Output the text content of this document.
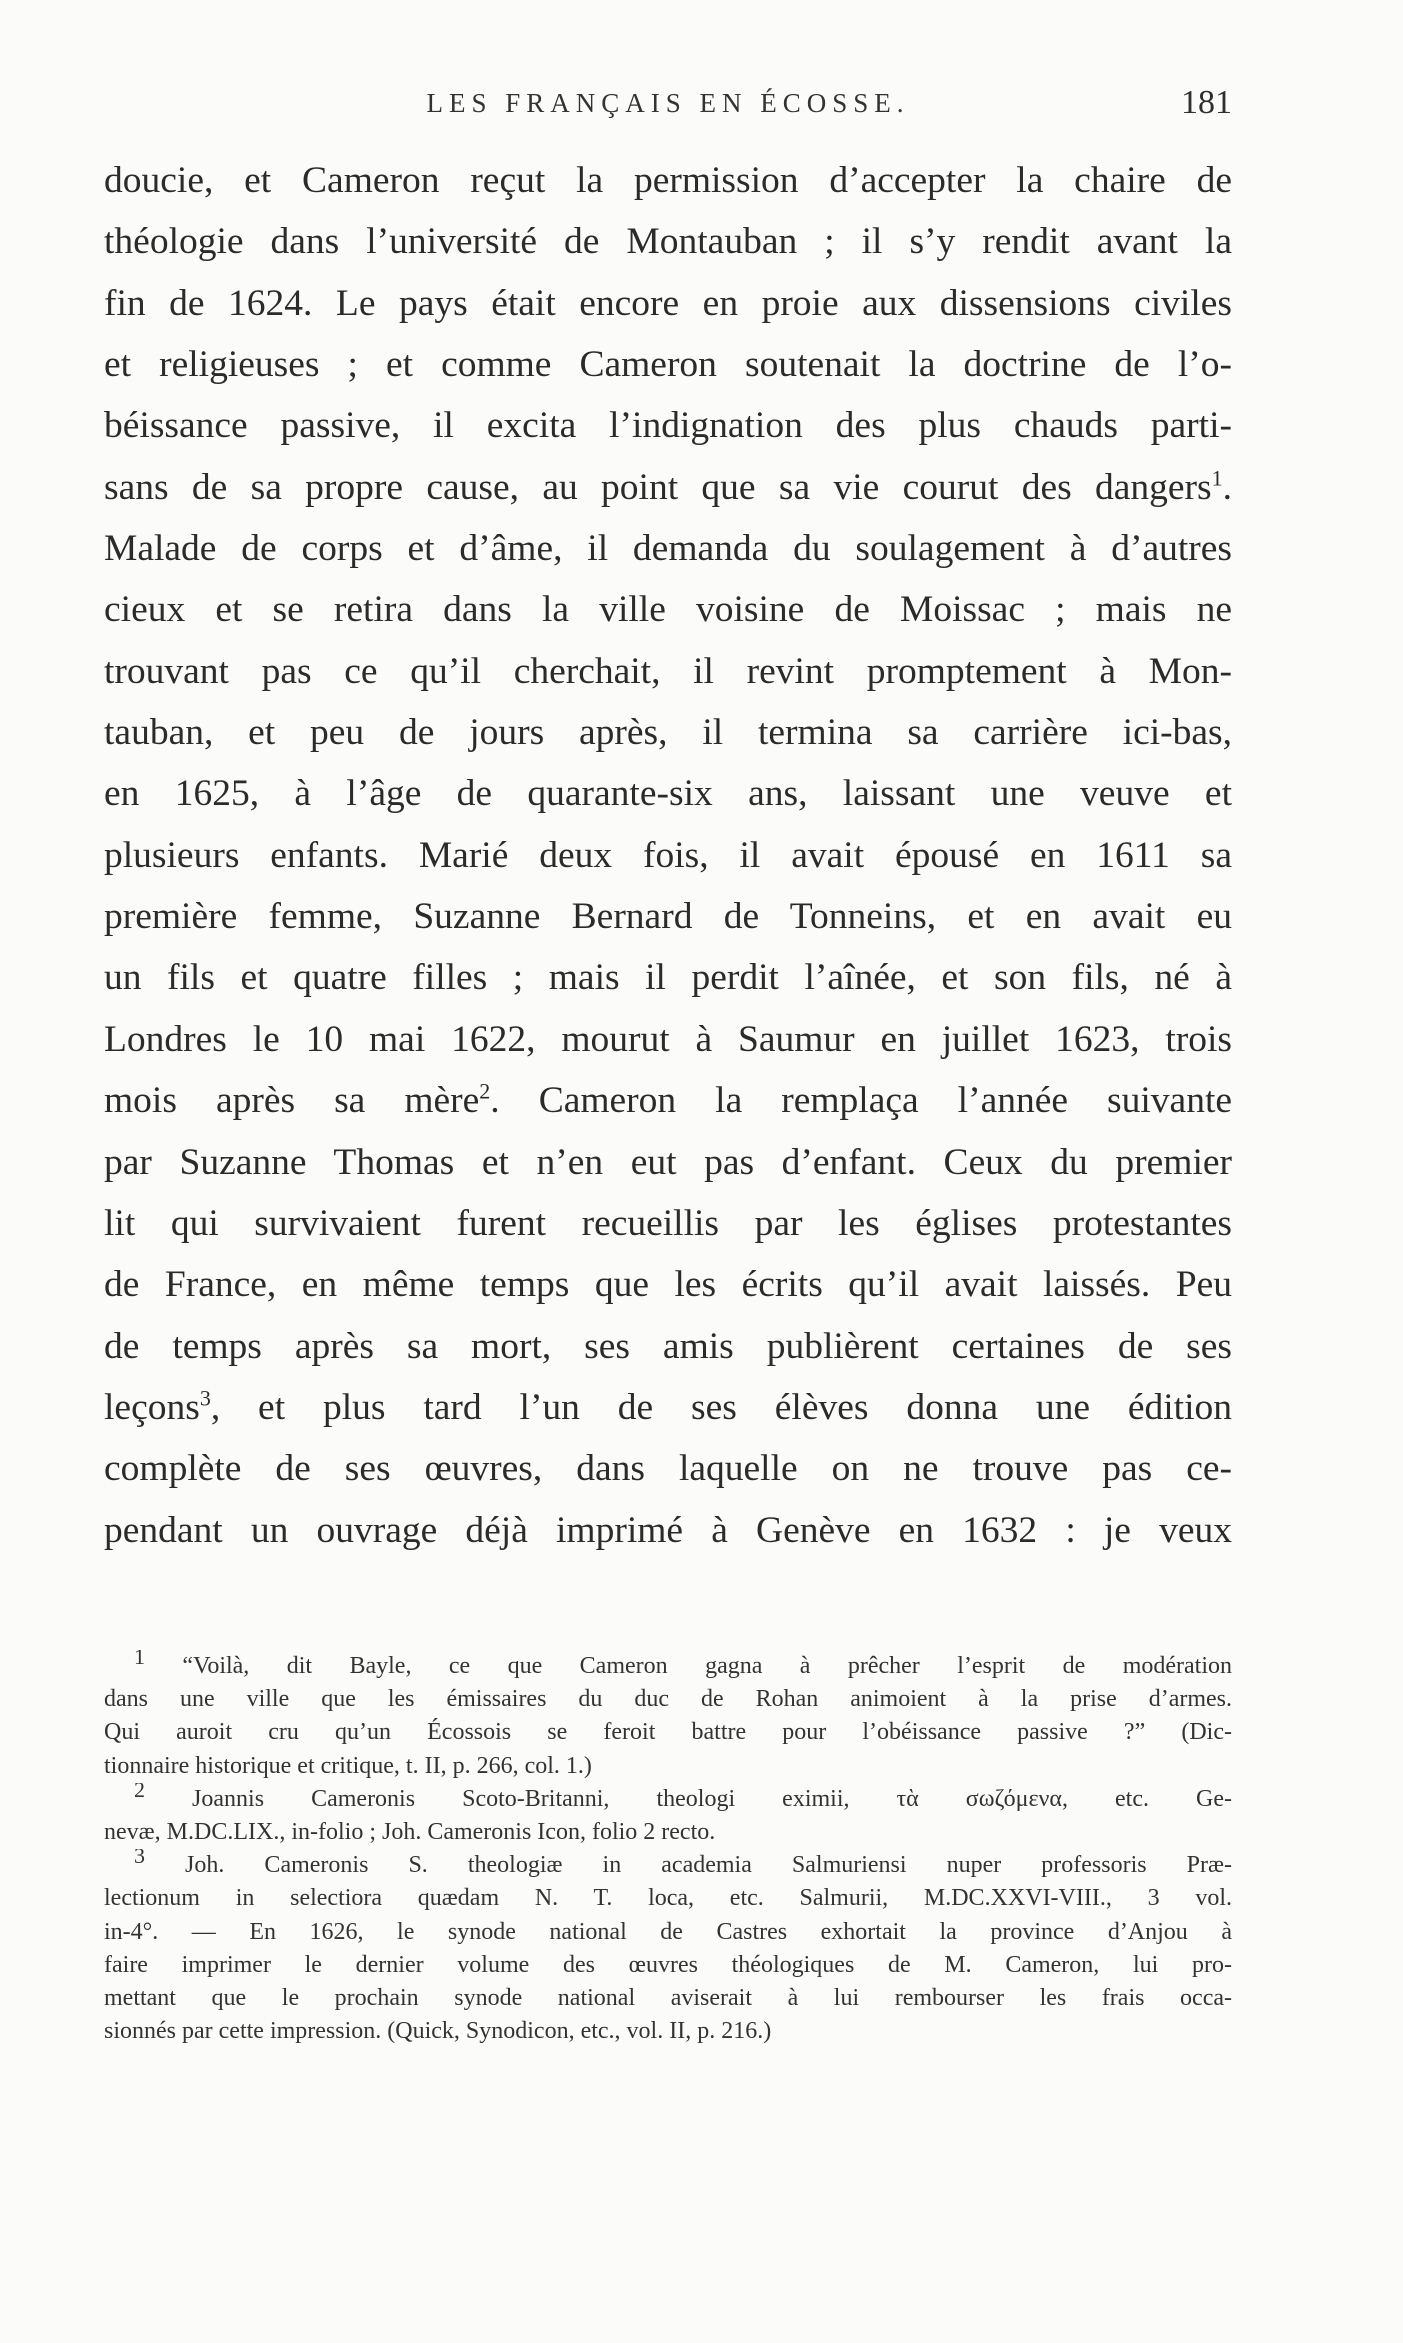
LES FRANÇAIS EN ÉCOSSE.	181
doucie, et Cameron reçut la permission d’accepter la chaire de
théologie dans l’université de Montauban ; il s’y rendit avant la
fin de 1624. Le pays était encore en proie aux dissensions civiles
et religieuses ; et comme Cameron soutenait la doctrine de l’o-
béissance passive, il excita l’indignation des plus chauds parti-
sans de sa propre cause, au point que sa vie courut des dangers$^1$.
Malade de corps et d’âme, il demanda du soulagement à d’autres
cieux et se retira dans la ville voisine de Moissac ; mais ne
trouvant pas ce qu’il cherchait, il revint promptement à Mon-
tauban, et peu de jours après, il termina sa carrière ici-bas,
en 1625, à l’âge de quarante-six ans, laissant une veuve et
plusieurs enfants. Marié deux fois, il avait épousé en 1611 sa
première femme, Suzanne Bernard de Tonneins, et en avait eu
un fils et quatre filles ; mais il perdit l’aînée, et son fils, né à
Londres le 10 mai 1622, mourut à Saumur en juillet 1623, trois
mois après sa mère$^2$. Cameron la remplaça l’année suivante
par Suzanne Thomas et n’en eut pas d’enfant. Ceux du premier
lit qui survivaient furent recueillis par les églises protestantes
de France, en même temps que les écrits qu’il avait laissés. Peu
de temps après sa mort, ses amis publièrent certaines de ses
leçons$^3$, et plus tard l’un de ses élèves donna une édition
complète de ses œuvres, dans laquelle on ne trouve pas ce-
pendant un ouvrage déjà imprimé à Genève en 1632 : je veux
$^1$ “Voilà, dit Bayle, ce que Cameron gagna à prêcher l’esprit de modération
dans une ville que les émissaires du duc de Rohan animoient à la prise d’armes.
Qui auroit cru qu’un Écossois se feroit battre pour l’obéissance passive ?” (Dic-
tionnaire historique et critique, t. II, p. 266, col. 1.)
$^2$ Joannis Cameronis Scoto-Britanni, theologi eximii, τὰ σωζόμενα, etc. Ge-
nevæ, M.DC.LIX., in-folio ; Joh. Cameronis Icon, folio 2 recto.
$^3$ Joh. Cameronis S. theologiæ in academia Salmuriensi nuper professoris Præ-
lectionum in selectiora quædam N. T. loca, etc. Salmurii, M.DC.XXVI-VIII., 3 vol.
in-4°. — En 1626, le synode national de Castres exhortait la province d’Anjou à
faire imprimer le dernier volume des œuvres théologiques de M. Cameron, lui pro-
mettant que le prochain synode national aviserait à lui rembourser les frais occa-
sionnés par cette impression. (Quick, Synodicon, etc., vol. II, p. 216.)
